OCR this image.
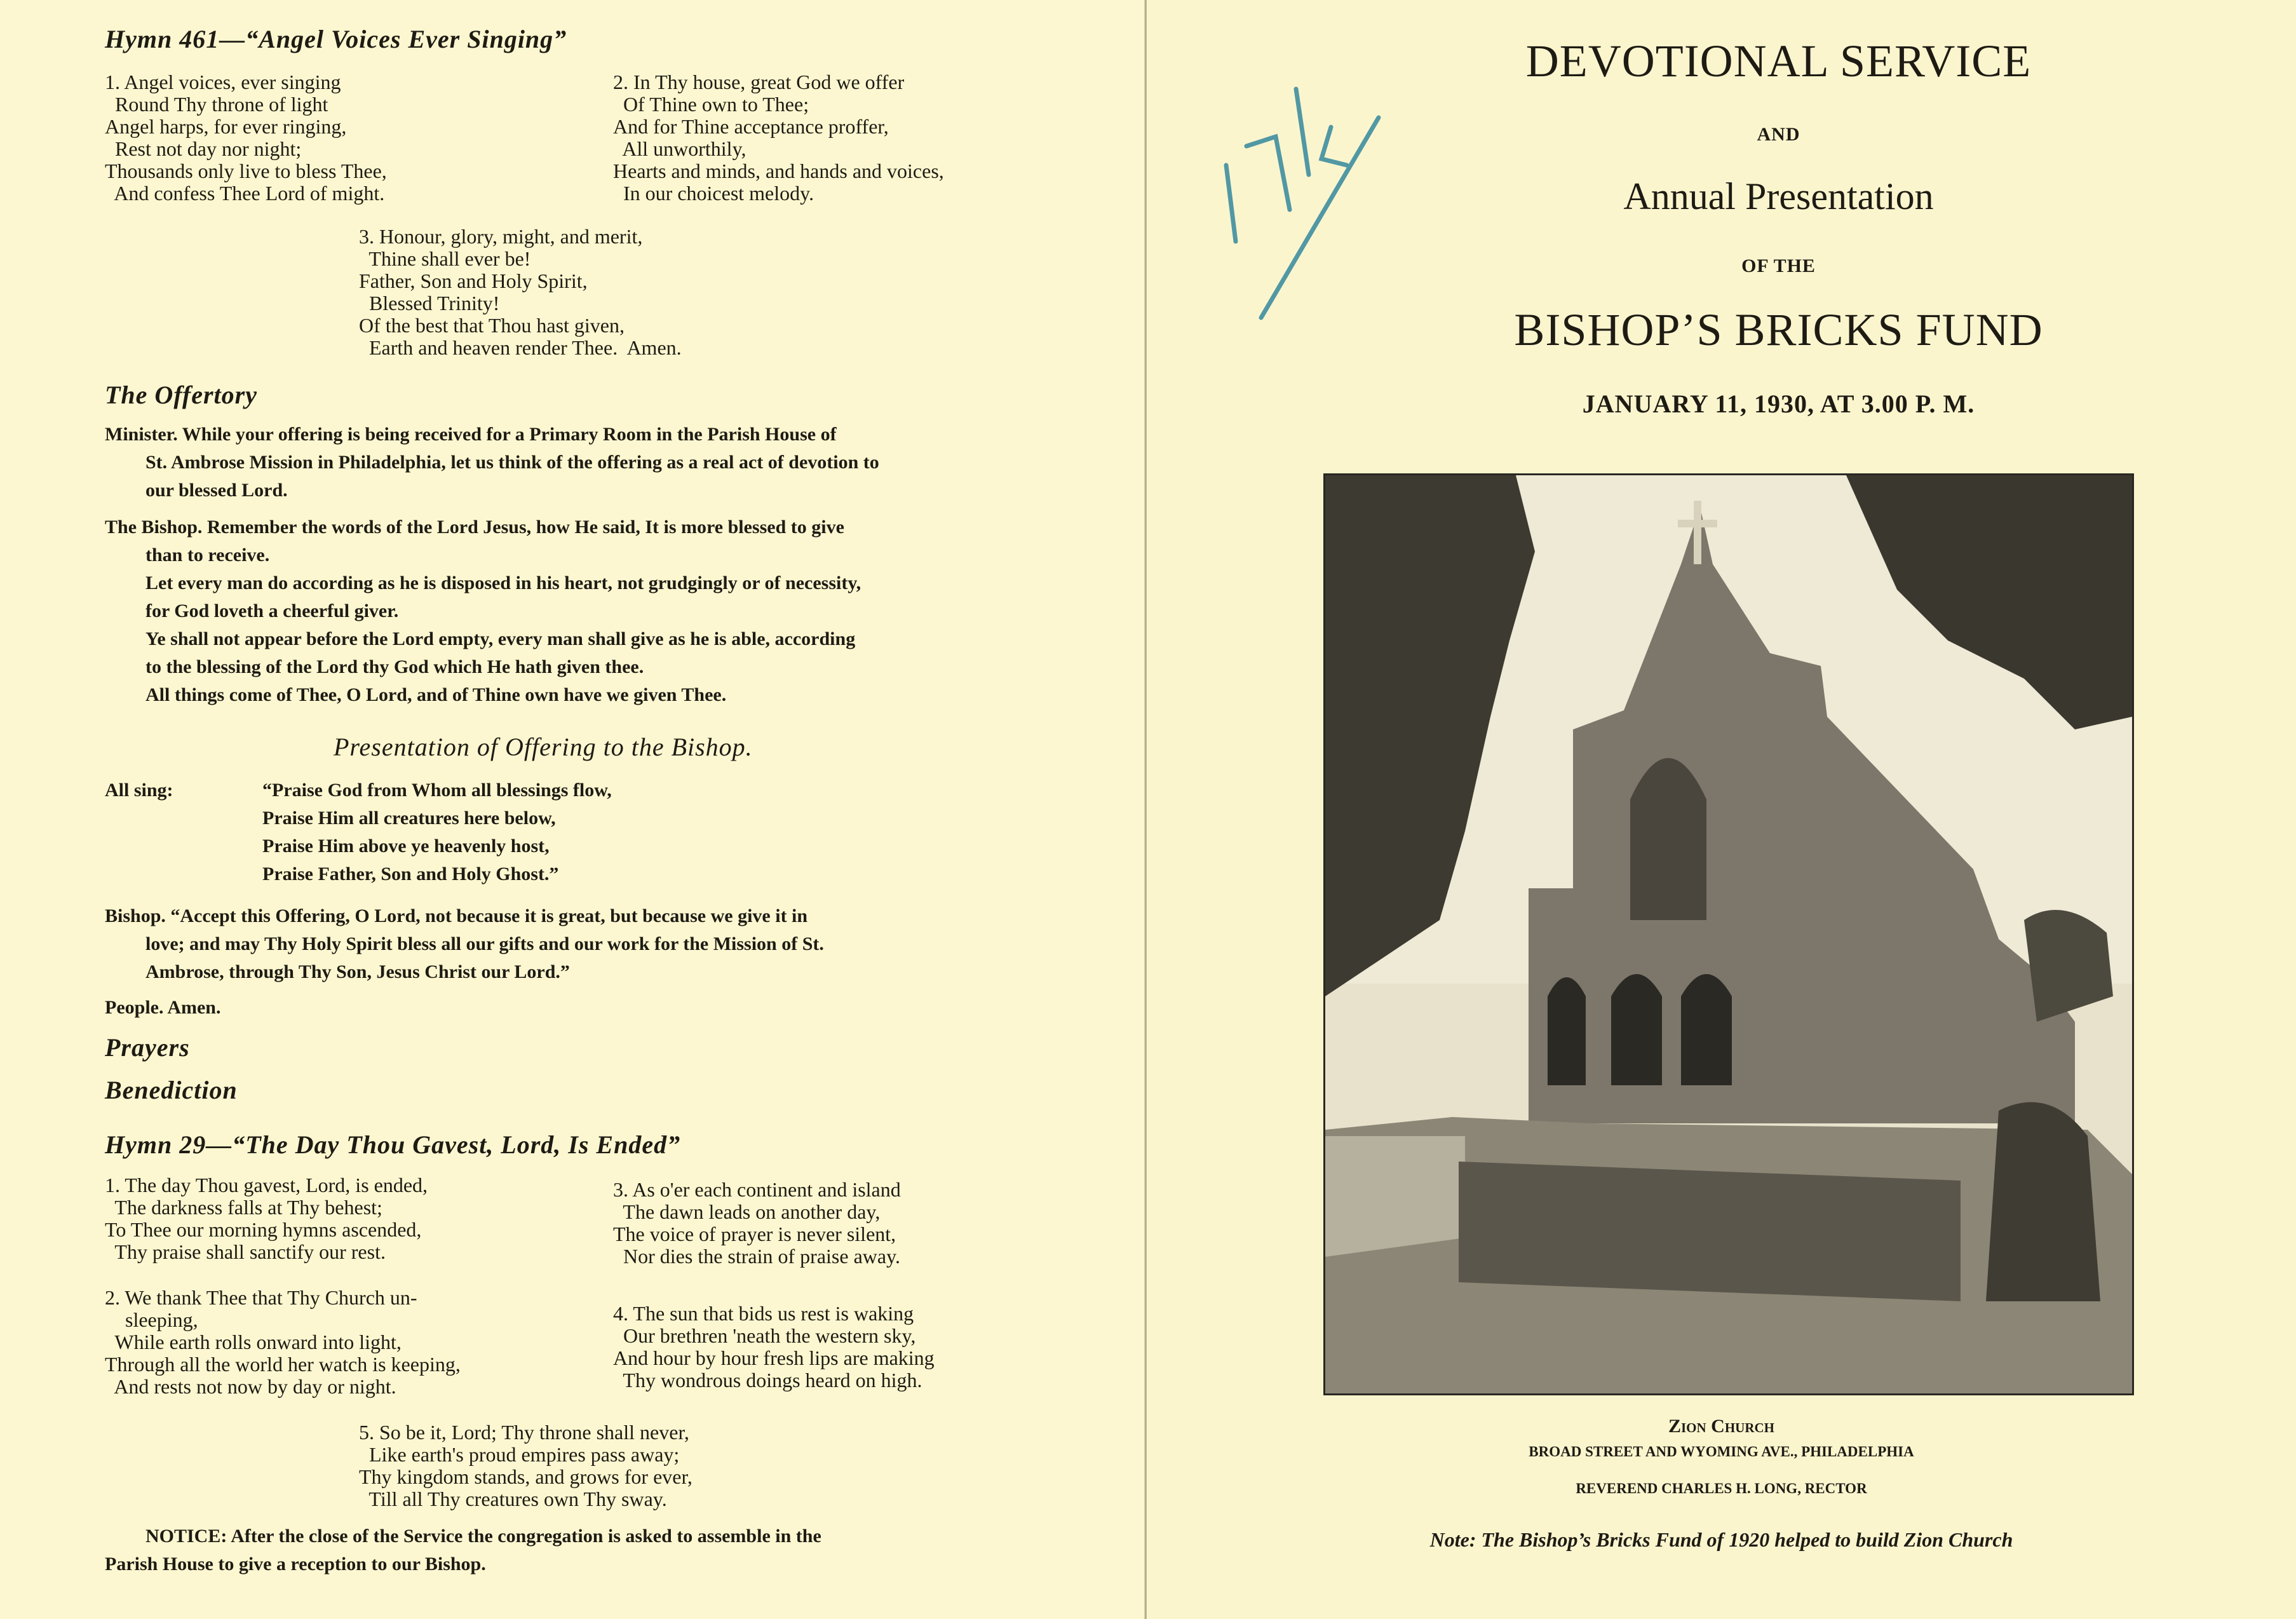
Hymn 461—“Angel Voices Ever Singing”
1. Angel voices, ever singing
Round Thy throne of light
Angel harps, for ever ringing,
Rest not day nor night;
Thousands only live to bless Thee,
And confess Thee Lord of might.
2. In Thy house, great God we offer
Of Thine own to Thee;
And for Thine acceptance proffer,
All unworthily,
Hearts and minds, and hands and voices,
In our choicest melody.
3. Honour, glory, might, and merit,
Thine shall ever be!
Father, Son and Holy Spirit,
Blessed Trinity!
Of the best that Thou hast given,
Earth and heaven render Thee.  Amen.
The Offertory
Minister. While your offering is being received for a Primary Room in the Parish House of
St. Ambrose Mission in Philadelphia, let us think of the offering as a real act of devotion to
our blessed Lord.
The Bishop. Remember the words of the Lord Jesus, how He said, It is more blessed to give
than to receive.
Let every man do according as he is disposed in his heart, not grudgingly or of necessity,
for God loveth a cheerful giver.
Ye shall not appear before the Lord empty, every man shall give as he is able, according
to the blessing of the Lord thy God which He hath given thee.
All things come of Thee, O Lord, and of Thine own have we given Thee.
Presentation of Offering to the Bishop.
All sing:	“Praise God from Whom all blessings flow,
Praise Him all creatures here below,
Praise Him above ye heavenly host,
Praise Father, Son and Holy Ghost.”
Bishop. “Accept this Offering, O Lord, not because it is great, but because we give it in
love; and may Thy Holy Spirit bless all our gifts and our work for the Mission of St.
Ambrose, through Thy Son, Jesus Christ our Lord.”
People. Amen.
Prayers
Benediction
Hymn 29—“The Day Thou Gavest, Lord, Is Ended”
1. The day Thou gavest, Lord, is ended,
The darkness falls at Thy behest;
To Thee our morning hymns ascended,
Thy praise shall sanctify our rest.
2. We thank Thee that Thy Church un-
sleeping,
While earth rolls onward into light,
Through all the world her watch is keeping,
And rests not now by day or night.
3. As o'er each continent and island
The dawn leads on another day,
The voice of prayer is never silent,
Nor dies the strain of praise away.
4. The sun that bids us rest is waking
Our brethren 'neath the western sky,
And hour by hour fresh lips are making
Thy wondrous doings heard on high.
5. So be it, Lord; Thy throne shall never,
Like earth's proud empires pass away;
Thy kingdom stands, and grows for ever,
Till all Thy creatures own Thy sway.
NOTICE: After the close of the Service the congregation is asked to assemble in the
Parish House to give a reception to our Bishop.
DEVOTIONAL SERVICE
AND
Annual Presentation
OF THE
BISHOP’S BRICKS FUND
JANUARY 11, 1930, AT 3.00 P. M.
Zion Church
BROAD STREET AND WYOMING AVE., PHILADELPHIA
REVEREND CHARLES H. LONG, RECTOR
Note: The Bishop’s Bricks Fund of 1920 helped to build Zion Church
